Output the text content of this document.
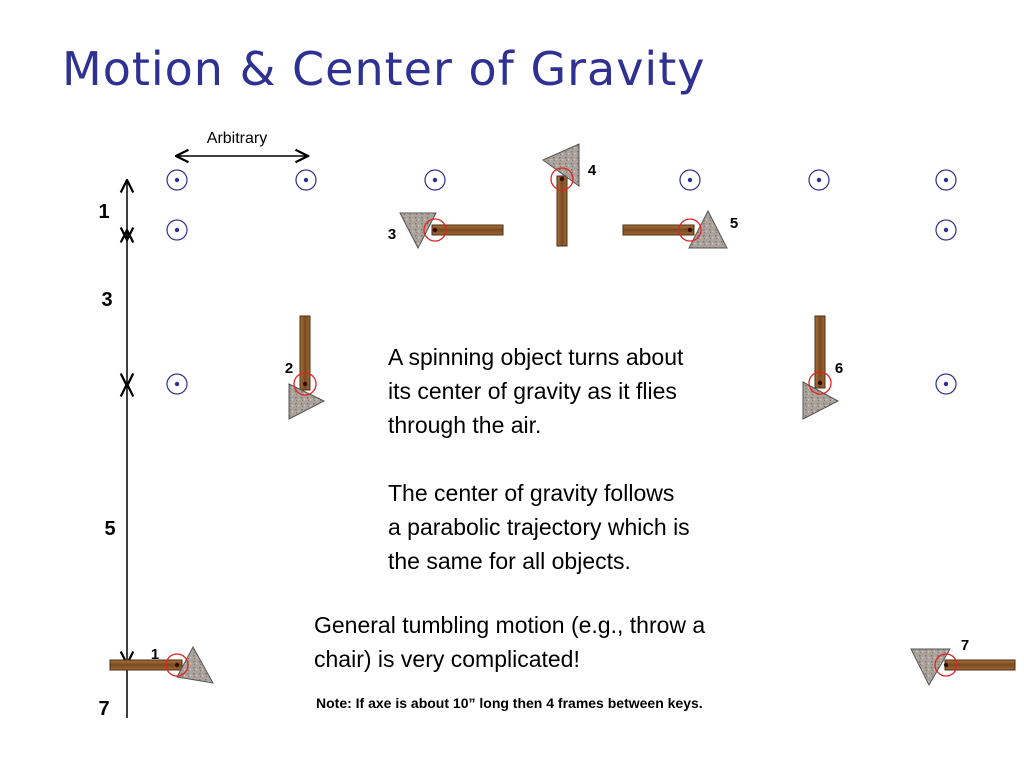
Motion & Center of Gravity
Arbitrary
1
3
5
7
1
2
3
4
5
6
7

A spinning object turns about
its center of gravity as it flies
through the air.

The center of gravity follows
a parabolic trajectory which is
the same for all objects.

General tumbling motion (e.g., throw a
chair) is very complicated!

Note: If axe is about 10” long then 4 frames between keys.
